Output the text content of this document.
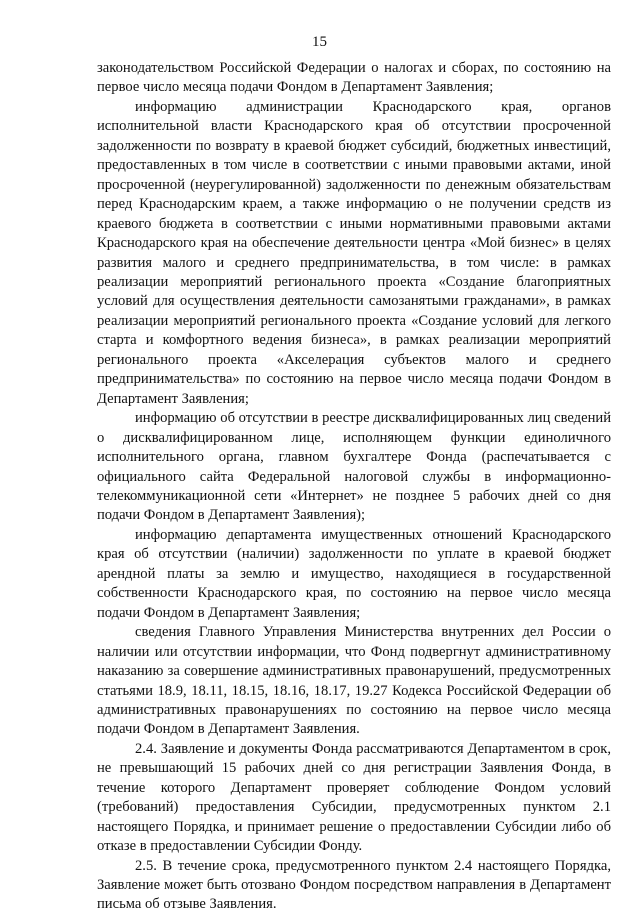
15

законодательством Российской Федерации о налогах и сборах, по состоянию на первое число месяца подачи Фондом в Департамент Заявления;

информацию администрации Краснодарского края, органов исполнительной власти Краснодарского края об отсутствии просроченной задолженности по возврату в краевой бюджет субсидий, бюджетных инвестиций, предоставленных в том числе в соответствии с иными правовыми актами, иной просроченной (неурегулированной) задолженности по денежным обязательствам перед Краснодарским краем, а также информацию о не получении средств из краевого бюджета в соответствии с иными нормативными правовыми актами Краснодарского края на обеспечение деятельности центра «Мой бизнес» в целях развития малого и среднего предпринимательства, в том числе: в рамках реализации мероприятий регионального проекта «Создание благоприятных условий для осуществления деятельности самозанятыми гражданами», в рамках реализации мероприятий регионального проекта «Создание условий для легкого старта и комфортного ведения бизнеса», в рамках реализации мероприятий регионального проекта «Акселерация субъектов малого и среднего предпринимательства» по состоянию на первое число месяца подачи Фондом в Департамент Заявления;

информацию об отсутствии в реестре дисквалифицированных лиц сведений о дисквалифицированном лице, исполняющем функции единоличного исполнительного органа, главном бухгалтере Фонда (распечатывается с официального сайта Федеральной налоговой службы в информационно-телекоммуникационной сети «Интернет» не позднее 5 рабочих дней со дня подачи Фондом в Департамент Заявления);

информацию департамента имущественных отношений Краснодарского края об отсутствии (наличии) задолженности по уплате в краевой бюджет арендной платы за землю и имущество, находящиеся в государственной собственности Краснодарского края, по состоянию на первое число месяца подачи Фондом в Департамент Заявления;

сведения Главного Управления Министерства внутренних дел России о наличии или отсутствии информации, что Фонд подвергнут административному наказанию за совершение административных правонарушений, предусмотренных статьями 18.9, 18.11, 18.15, 18.16, 18.17, 19.27 Кодекса Российской Федерации об административных правонарушениях по состоянию на первое число месяца подачи Фондом в Департамент Заявления.

2.4. Заявление и документы Фонда рассматриваются Департаментом в срок, не превышающий 15 рабочих дней со дня регистрации Заявления Фонда, в течение которого Департамент проверяет соблюдение Фондом условий (требований) предоставления Субсидии, предусмотренных пунктом 2.1 настоящего Порядка, и принимает решение о предоставлении Субсидии либо об отказе в предоставлении Субсидии Фонду.

2.5. В течение срока, предусмотренного пунктом 2.4 настоящего Порядка, Заявление может быть отозвано Фондом посредством направления в Департамент письма об отзыве Заявления.
